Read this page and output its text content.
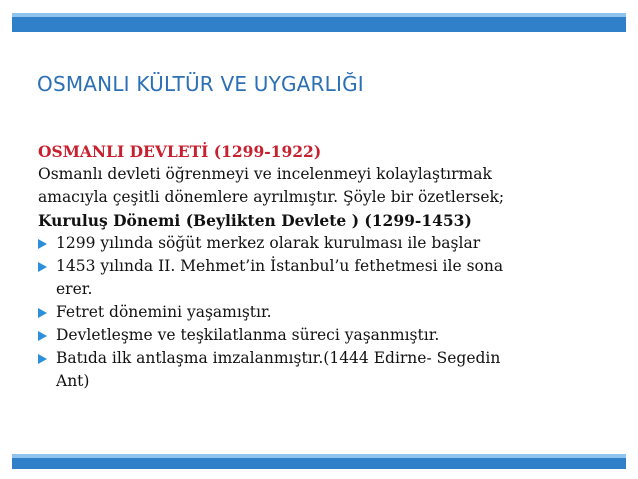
OSMANLI KÜLTÜR VE UYGARLIĞI

OSMANLI DEVLETİ (1299-1922)

Osmanlı devleti öğrenmeyi ve incelenmeyi kolaylaştırmak

amacıyla çeşitli dönemlere ayrılmıştır. Şöyle bir özetlersek;

Kuruluş Dönemi (Beylikten Devlete ) (1299-1453)

1299 yılında söğüt merkez olarak kurulması ile başlar
1453 yılında II. Mehmet’in İstanbul’u fethetmesi ile sona
erer.
Fetret dönemini yaşamıştır.
Devletleşme ve teşkilatlanma süreci yaşanmıştır.
Batıda ilk antlaşma imzalanmıştır.(1444 Edirne- Segedin
Ant)
